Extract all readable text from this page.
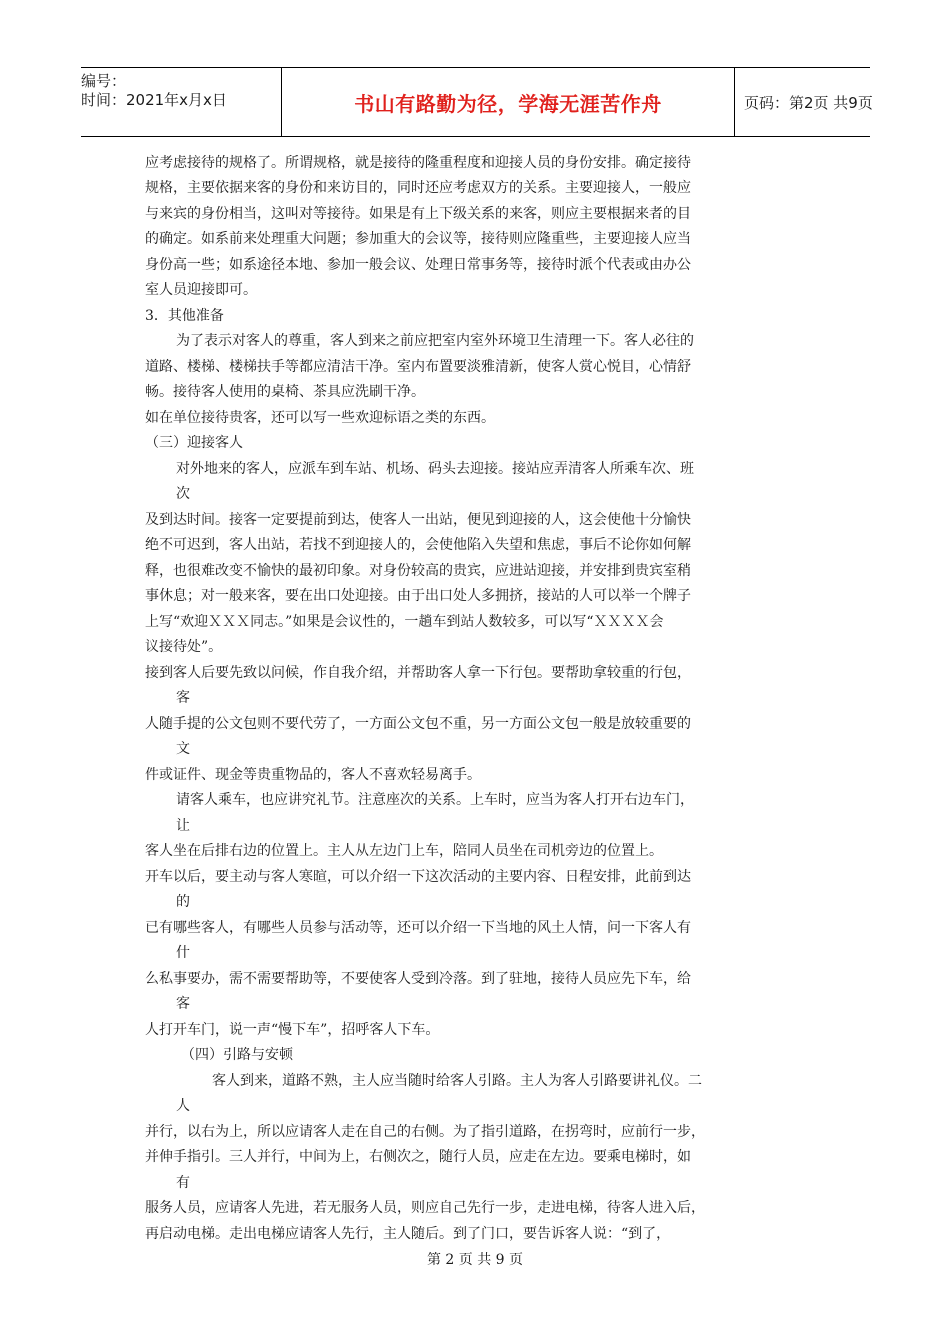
编号：
时间：2021年x月x日	书山有路勤为径，学海无涯苦作舟	页码：第2页 共9页
应考虑接待的规格了。所谓规格，就是接待的隆重程度和迎接人员的身份安排。确定接待
规格，主要依据来客的身份和来访目的，同时还应考虑双方的关系。主要迎接人，一般应
与来宾的身份相当，这叫对等接待。如果是有上下级关系的来客，则应主要根据来者的目
的确定。如系前来处理重大问题；参加重大的会议等，接待则应隆重些，主要迎接人应当
身份高一些；如系途径本地、参加一般会议、处理日常事务等，接待时派个代表或由办公
室人员迎接即可。
3．其他准备
为了表示对客人的尊重，客人到来之前应把室内室外环境卫生清理一下。客人必往的
道路、楼梯、楼梯扶手等都应清洁干净。室内布置要淡雅清新，使客人赏心悦目，心情舒
畅。接待客人使用的桌椅、茶具应洗刷干净。
如在单位接待贵客，还可以写一些欢迎标语之类的东西。
（三）迎接客人
对外地来的客人，应派车到车站、机场、码头去迎接。接站应弄清客人所乘车次、班
次
及到达时间。接客一定要提前到达，使客人一出站，便见到迎接的人，这会使他十分愉快
绝不可迟到，客人出站，若找不到迎接人的，会使他陷入失望和焦虑，事后不论你如何解
释，也很难改变不愉快的最初印象。对身份较高的贵宾，应进站迎接，并安排到贵宾室稍
事休息；对一般来客，要在出口处迎接。由于出口处人多拥挤，接站的人可以举一个牌子
上写“欢迎ＸＸＸ同志。”如果是会议性的，一趟车到站人数较多，可以写“ＸＸＸＸ会
议接待处”。
接到客人后要先致以问候，作自我介绍，并帮助客人拿一下行包。要帮助拿较重的行包，
客
人随手提的公文包则不要代劳了，一方面公文包不重，另一方面公文包一般是放较重要的
文
件或证件、现金等贵重物品的，客人不喜欢轻易离手。
请客人乘车，也应讲究礼节。注意座次的关系。上车时，应当为客人打开右边车门，
让
客人坐在后排右边的位置上。主人从左边门上车，陪同人员坐在司机旁边的位置上。
开车以后，要主动与客人寒暄，可以介绍一下这次活动的主要内容、日程安排，此前到达
的
已有哪些客人，有哪些人员参与活动等，还可以介绍一下当地的风土人情，问一下客人有
什
么私事要办，需不需要帮助等，不要使客人受到冷落。到了驻地，接待人员应先下车，给
客
人打开车门，说一声“慢下车”，招呼客人下车。
（四）引路与安顿
客人到来，道路不熟，主人应当随时给客人引路。主人为客人引路要讲礼仪。二
人
并行，以右为上，所以应请客人走在自己的右侧。为了指引道路，在拐弯时，应前行一步，
并伸手指引。三人并行，中间为上，右侧次之，随行人员，应走在左边。要乘电梯时，如
有
服务人员，应请客人先进，若无服务人员，则应自己先行一步，走进电梯，待客人进入后，
再启动电梯。走出电梯应请客人先行，主人随后。到了门口，要告诉客人说：“到了，
第 2 页 共 9 页
